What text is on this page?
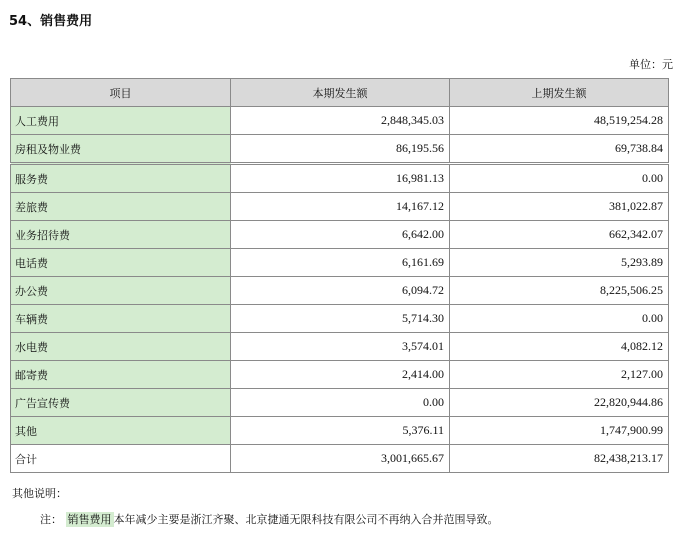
54、销售费用
单位：元
项目	本期发生额	上期发生额
人工费用	2,848,345.03	48,519,254.28
房租及物业费	86,195.56	69,738.84
服务费	16,981.13	0.00
差旅费	14,167.12	381,022.87
业务招待费	6,642.00	662,342.07
电话费	6,161.69	5,293.89
办公费	6,094.72	8,225,506.25
车辆费	5,714.30	0.00
水电费	3,574.01	4,082.12
邮寄费	2,414.00	2,127.00
广告宣传费	0.00	22,820,944.86
其他	5,376.11	1,747,900.99
合计	3,001,665.67	82,438,213.17
其他说明：
注： 销售费用 本年减少主要是浙江齐聚、北京捷通无限科技有限公司不再纳入合并范围导致。
